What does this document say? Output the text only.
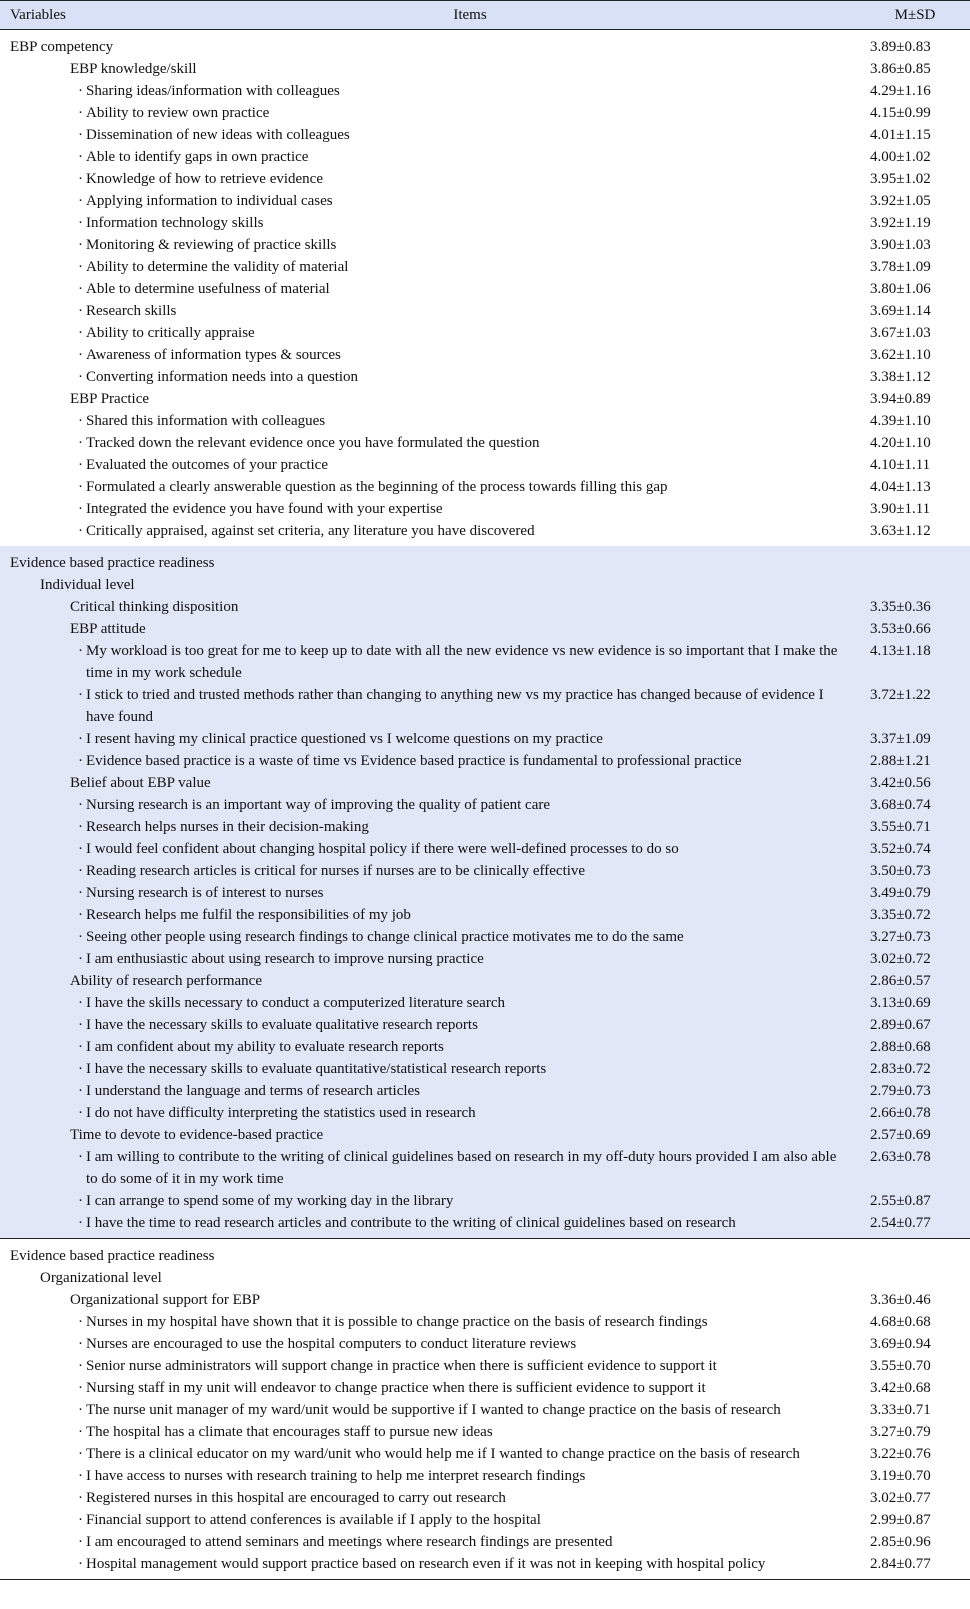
Variables	Items	M±SD
EBP competency	3.89±0.83
EBP knowledge/skill	3.86±0.85
· Sharing ideas/information with colleagues	4.29±1.16
· Ability to review own practice	4.15±0.99
· Dissemination of new ideas with colleagues	4.01±1.15
· Able to identify gaps in own practice	4.00±1.02
· Knowledge of how to retrieve evidence	3.95±1.02
· Applying information to individual cases	3.92±1.05
· Information technology skills	3.92±1.19
· Monitoring & reviewing of practice skills	3.90±1.03
· Ability to determine the validity of material	3.78±1.09
· Able to determine usefulness of material	3.80±1.06
· Research skills	3.69±1.14
· Ability to critically appraise	3.67±1.03
· Awareness of information types & sources	3.62±1.10
· Converting information needs into a question	3.38±1.12
EBP Practice	3.94±0.89
· Shared this information with colleagues	4.39±1.10
· Tracked down the relevant evidence once you have formulated the question	4.20±1.10
· Evaluated the outcomes of your practice	4.10±1.11
· Formulated a clearly answerable question as the beginning of the process towards filling this gap	4.04±1.13
· Integrated the evidence you have found with your expertise	3.90±1.11
· Critically appraised, against set criteria, any literature you have discovered	3.63±1.12
Evidence based practice readiness
Individual level
Critical thinking disposition	3.35±0.36
EBP attitude	3.53±0.66
· My workload is too great for me to keep up to date with all the new evidence vs new evidence is so important that I make the time in my work schedule
4.13±1.18
· I stick to tried and trusted methods rather than changing to anything new vs my practice has changed because of evidence I have found
3.72±1.22
· I resent having my clinical practice questioned vs I welcome questions on my practice	3.37±1.09
· Evidence based practice is a waste of time vs Evidence based practice is fundamental to professional practice	2.88±1.21
Belief about EBP value	3.42±0.56
· Nursing research is an important way of improving the quality of patient care	3.68±0.74
· Research helps nurses in their decision-making	3.55±0.71
· I would feel confident about changing hospital policy if there were well-defined processes to do so	3.52±0.74
· Reading research articles is critical for nurses if nurses are to be clinically effective	3.50±0.73
· Nursing research is of interest to nurses	3.49±0.79
· Research helps me fulfil the responsibilities of my job	3.35±0.72
· Seeing other people using research findings to change clinical practice motivates me to do the same	3.27±0.73
· I am enthusiastic about using research to improve nursing practice	3.02±0.72
Ability of research performance	2.86±0.57
· I have the skills necessary to conduct a computerized literature search	3.13±0.69
· I have the necessary skills to evaluate qualitative research reports	2.89±0.67
· I am confident about my ability to evaluate research reports	2.88±0.68
· I have the necessary skills to evaluate quantitative/statistical research reports	2.83±0.72
· I understand the language and terms of research articles	2.79±0.73
· I do not have difficulty interpreting the statistics used in research	2.66±0.78
Time to devote to evidence-based practice	2.57±0.69
· I am willing to contribute to the writing of clinical guidelines based on research in my off-duty hours provided I am also able to do some of it in my work time
2.63±0.78
· I can arrange to spend some of my working day in the library	2.55±0.87
· I have the time to read research articles and contribute to the writing of clinical guidelines based on research	2.54±0.77
Evidence based practice readiness
Organizational level
Organizational support for EBP	3.36±0.46
· Nurses in my hospital have shown that it is possible to change practice on the basis of research findings	4.68±0.68
· Nurses are encouraged to use the hospital computers to conduct literature reviews	3.69±0.94
· Senior nurse administrators will support change in practice when there is sufficient evidence to support it	3.55±0.70
· Nursing staff in my unit will endeavor to change practice when there is sufficient evidence to support it	3.42±0.68
· The nurse unit manager of my ward/unit would be supportive if I wanted to change practice on the basis of research	3.33±0.71
· The hospital has a climate that encourages staff to pursue new ideas	3.27±0.79
· There is a clinical educator on my ward/unit who would help me if I wanted to change practice on the basis of research	3.22±0.76
· I have access to nurses with research training to help me interpret research findings	3.19±0.70
· Registered nurses in this hospital are encouraged to carry out research	3.02±0.77
· Financial support to attend conferences is available if I apply to the hospital	2.99±0.87
· I am encouraged to attend seminars and meetings where research findings are presented	2.85±0.96
· Hospital management would support practice based on research even if it was not in keeping with hospital policy	2.84±0.77
